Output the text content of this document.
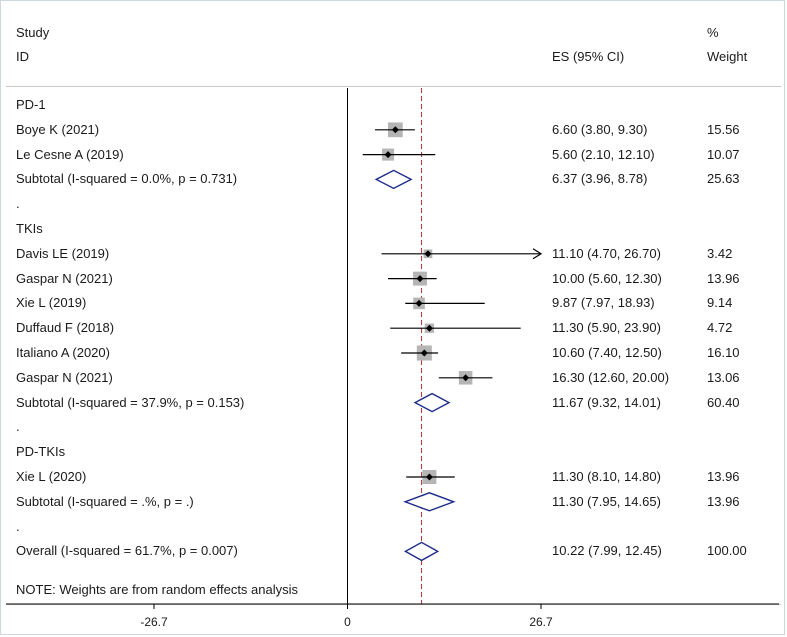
Study
ID	ES (95% CI)
%
Weight
PD-1
Boye K (2021)	6.60 (3.80, 9.30)	15.56
Le Cesne A (2019)	5.60 (2.10, 12.10)	10.07
Subtotal (I-squared = 0.0%, p = 0.731)	6.37 (3.96, 8.78)	25.63
.
TKIs
Davis LE (2019)	11.10 (4.70, 26.70)	3.42
Gaspar N (2021)	10.00 (5.60, 12.30)	13.96
Xie L (2019)	9.87 (7.97, 18.93)	9.14
Duffaud F (2018)	11.30 (5.90, 23.90)	4.72
Italiano A (2020)	10.60 (7.40, 12.50)	16.10
Gaspar N (2021)	16.30 (12.60, 20.00)	13.06
Subtotal (I-squared = 37.9%, p = 0.153)	11.67 (9.32, 14.01)	60.40
.
PD-TKIs
Xie L (2020)	11.30 (8.10, 14.80)	13.96
Subtotal (I-squared = .%, p = .)	11.30 (7.95, 14.65)	13.96
.
Overall (I-squared = 61.7%, p = 0.007)	10.22 (7.99, 12.45)	100.00
NOTE: Weights are from random effects analysis
-26.7	0	26.7
